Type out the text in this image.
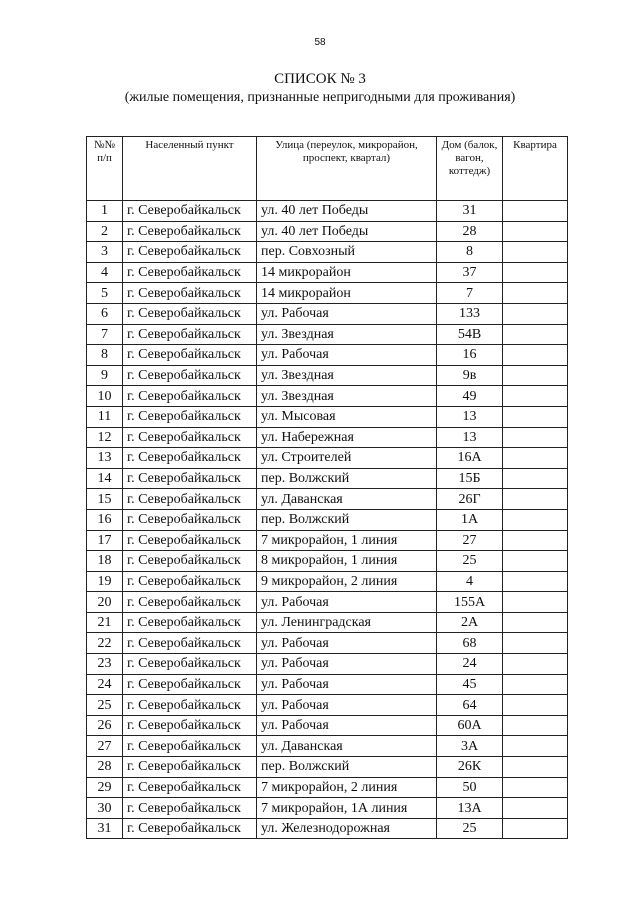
58
СПИСОК № 3
(жилые помещения, признанные непригодными для проживания)
№№ п/п	Населенный пункт	Улица (переулок, микрорайон, проспект, квартал)	Дом (балок, вагон, коттедж)	Квартира
1	г. Северобайкальск	ул. 40 лет Победы	31	
2	г. Северобайкальск	ул. 40 лет Победы	28	
3	г. Северобайкальск	пер. Совхозный	8	
4	г. Северобайкальск	14 микрорайон	37	
5	г. Северобайкальск	14 микрорайон	7	
6	г. Северобайкальск	ул. Рабочая	133	
7	г. Северобайкальск	ул. Звездная	54В	
8	г. Северобайкальск	ул. Рабочая	16	
9	г. Северобайкальск	ул. Звездная	9в	
10	г. Северобайкальск	ул. Звездная	49	
11	г. Северобайкальск	ул. Мысовая	13	
12	г. Северобайкальск	ул. Набережная	13	
13	г. Северобайкальск	ул. Строителей	16А	
14	г. Северобайкальск	пер. Волжский	15Б	
15	г. Северобайкальск	ул. Даванская	26Г	
16	г. Северобайкальск	пер. Волжский	1А	
17	г. Северобайкальск	7 микрорайон, 1 линия	27	
18	г. Северобайкальск	8 микрорайон, 1 линия	25	
19	г. Северобайкальск	9 микрорайон, 2 линия	4	
20	г. Северобайкальск	ул. Рабочая	155А	
21	г. Северобайкальск	ул. Ленинградская	2А	
22	г. Северобайкальск	ул. Рабочая	68	
23	г. Северобайкальск	ул. Рабочая	24	
24	г. Северобайкальск	ул. Рабочая	45	
25	г. Северобайкальск	ул. Рабочая	64	
26	г. Северобайкальск	ул. Рабочая	60А	
27	г. Северобайкальск	ул. Даванская	3А	
28	г. Северобайкальск	пер. Волжский	26К	
29	г. Северобайкальск	7 микрорайон, 2 линия	50	
30	г. Северобайкальск	7 микрорайон, 1А линия	13А	
31	г. Северобайкальск	ул. Железнодорожная	25	
